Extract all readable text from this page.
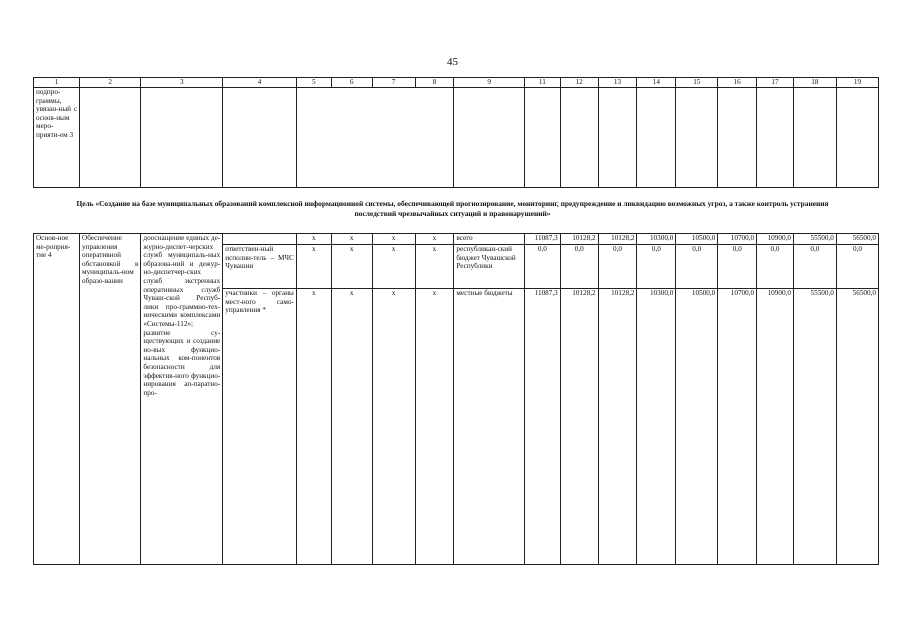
45
1	2	3	4	5	6	7	8	9	11	12	13	14	15	16	17	18	19
подпро-граммы, увязан-ный с основ-ным меро-прияти-ем 3																	
Цель «Создание на базе муниципальных образований комплексной информационной системы, обеспечивающей прогнозирование, мониторинг, предупреждение и ликвидацию возможных угроз, а также контроль устранения последствий чрезвычайных ситуаций и правонарушений»
Основ-ное ме-роприя-тие 4	Обеспечение управления оперативной обстановкой в муниципаль-ном образо-вании	дооснащение единых де-журно-диспет-черских служб муниципаль-ных образова-ний и дежур-но-диспетчер-ских служб экстренных оперативных служб Чуваш-ской Респуб-лики про-граммно-тех-ническими комплексами «Системы-112»; развитие су-ществующих и создание но-вых функцио-нальных ком-понентов безопасности для эффектив-ного функцио-нирования ап-паратно-про-		x	x	x	x	всего	11087,3	10128,2	10128,2	10300,0	10500,0	10700,0	10900,0	55500,0	56500,0
			ответствен-ный исполни-тель – МЧС Чувашии	x	x	x	x	республикан-ский бюджет Чувашской Республики	0,0	0,0	0,0	0,0	0,0	0,0	0,0	0,0	0,0
			участники – органы мест-ного само-управления *	x	x	x	x	местные бюджеты	11087,3	10128,2	10128,2	10300,0	10500,0	10700,0	10900,0	55500,0	56500,0
